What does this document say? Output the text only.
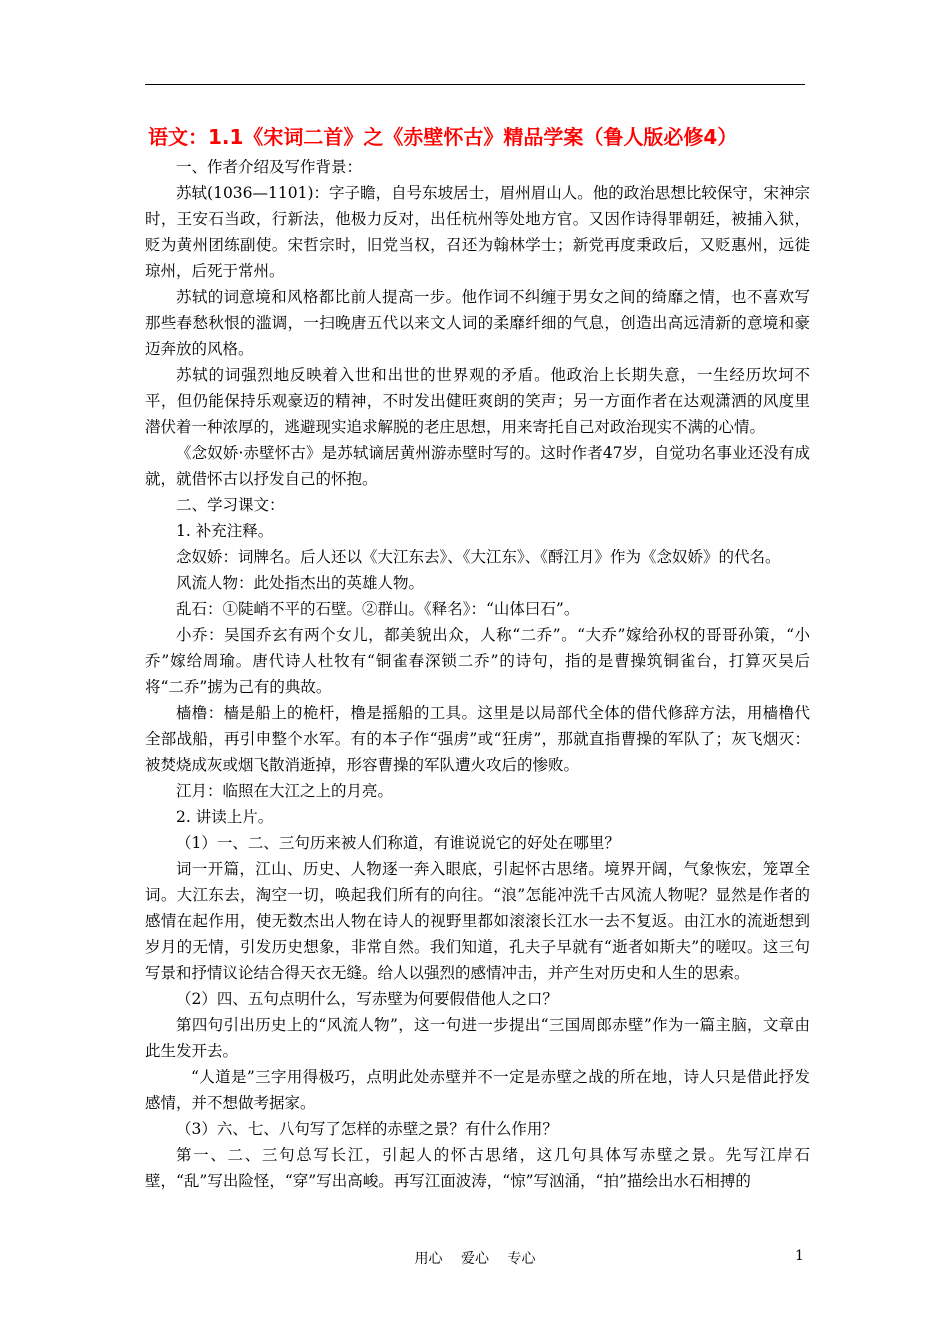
语文：1.1《宋词二首》之《赤壁怀古》精品学案（鲁人版必修4）

一、作者介绍及写作背景：

苏轼(1036—1101)：字子瞻，自号东坡居士，眉州眉山人。他的政治思想比较保守，宋神宗时，王安石当政，行新法，他极力反对，出任杭州等处地方官。又因作诗得罪朝廷，被捕入狱，贬为黄州团练副使。宋哲宗时，旧党当权，召还为翰林学士；新党再度秉政后，又贬惠州，远徙琼州，后死于常州。

苏轼的词意境和风格都比前人提高一步。他作词不纠缠于男女之间的绮靡之情，也不喜欢写那些春愁秋恨的滥调，一扫晚唐五代以来文人词的柔靡纤细的气息，创造出高远清新的意境和豪迈奔放的风格。

苏轼的词强烈地反映着入世和出世的世界观的矛盾。他政治上长期失意，一生经历坎坷不平，但仍能保持乐观豪迈的精神，不时发出健旺爽朗的笑声；另一方面作者在达观潇洒的风度里潜伏着一种浓厚的，逃避现实追求解脱的老庄思想，用来寄托自己对政治现实不满的心情。

《念奴娇·赤壁怀古》是苏轼谪居黄州游赤壁时写的。这时作者47岁，自觉功名事业还没有成就，就借怀古以抒发自己的怀抱。

二、学习课文：

1. 补充注释。

念奴娇：词牌名。后人还以《大江东去》、《大江东》、《酹江月》作为《念奴娇》的代名。

风流人物：此处指杰出的英雄人物。

乱石：①陡峭不平的石壁。②群山。《释名》：“山体曰石”。

小乔：吴国乔玄有两个女儿，都美貌出众，人称“二乔”。“大乔”嫁给孙权的哥哥孙策，“小乔”嫁给周瑜。唐代诗人杜牧有“铜雀春深锁二乔”的诗句，指的是曹操筑铜雀台，打算灭吴后将“二乔”掳为己有的典故。

樯橹：樯是船上的桅杆，橹是摇船的工具。这里是以局部代全体的借代修辞方法，用樯橹代全部战船，再引申整个水军。有的本子作“强虏”或“狂虏”，那就直指曹操的军队了；灰飞烟灭：被焚烧成灰或烟飞散消逝掉，形容曹操的军队遭火攻后的惨败。

江月：临照在大江之上的月亮。

2. 讲读上片。

（1）一、二、三句历来被人们称道，有谁说说它的好处在哪里？

词一开篇，江山、历史、人物逐一奔入眼底，引起怀古思绪。境界开阔，气象恢宏，笼罩全词。大江东去，淘空一切，唤起我们所有的向往。“浪”怎能冲洗千古风流人物呢？显然是作者的感情在起作用，使无数杰出人物在诗人的视野里都如滚滚长江水一去不复返。由江水的流逝想到岁月的无情，引发历史想象，非常自然。我们知道，孔夫子早就有“逝者如斯夫”的嗟叹。这三句写景和抒情议论结合得天衣无缝。给人以强烈的感情冲击，并产生对历史和人生的思索。

（2）四、五句点明什么，写赤壁为何要假借他人之口？

第四句引出历史上的“风流人物”，这一句进一步提出“三国周郎赤壁”作为一篇主脑，文章由此生发开去。

“人道是”三字用得极巧，点明此处赤壁并不一定是赤壁之战的所在地，诗人只是借此抒发感情，并不想做考据家。

（3）六、七、八句写了怎样的赤壁之景？有什么作用？

第一、二、三句总写长江，引起人的怀古思绪，这几句具体写赤壁之景。先写江岸石壁，“乱”写出险怪，“穿”写出高峻。再写江面波涛，“惊”写汹涌，“拍”描绘出水石相搏的

用心 爱心 专心	1
